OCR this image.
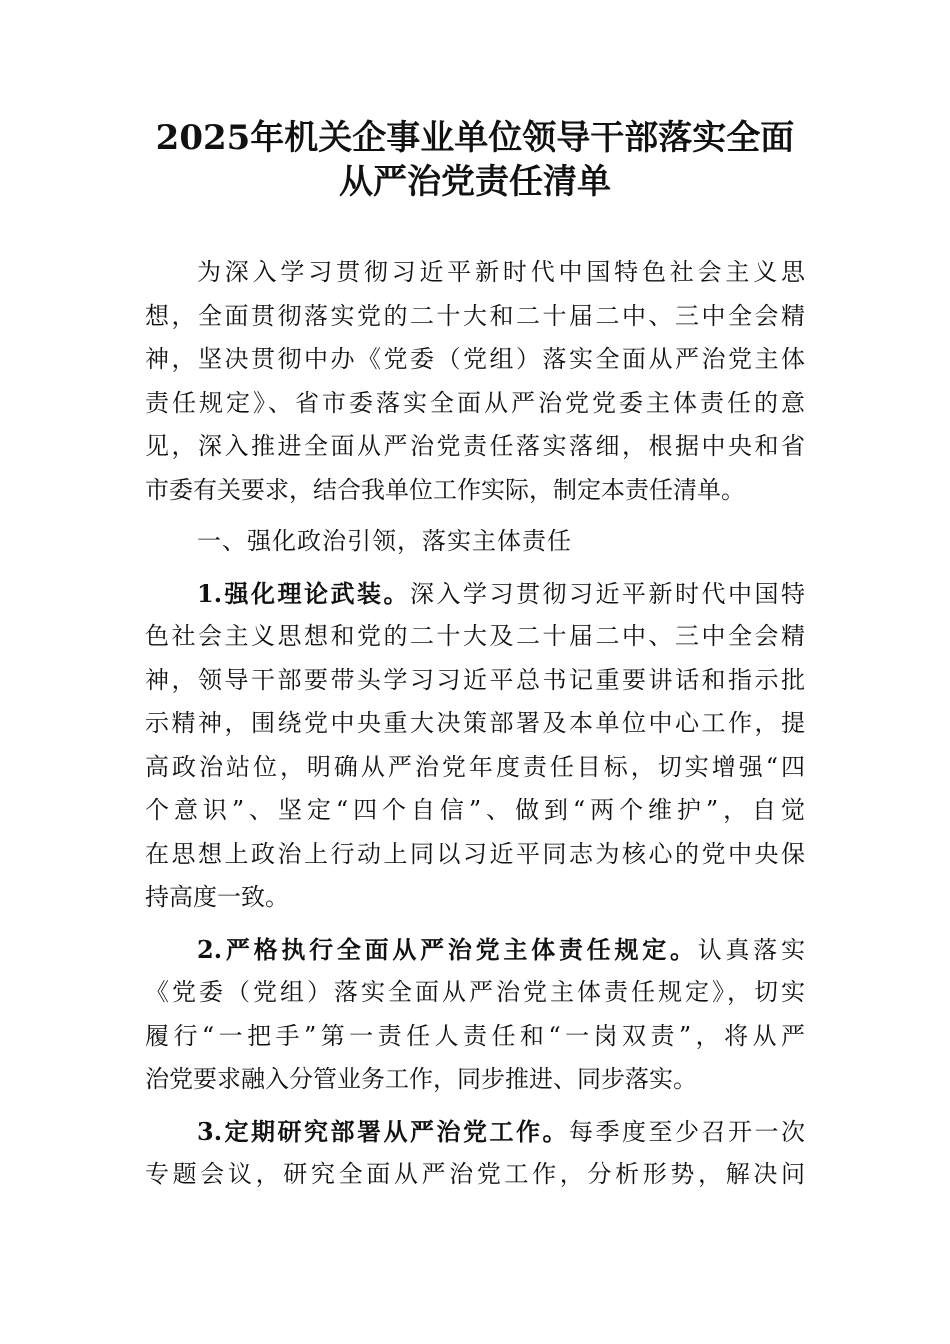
2025年机关企事业单位领导干部落实全面
从严治党责任清单
为深入学习贯彻习近平新时代中国特色社会主义思
想，全面贯彻落实党的二十大和二十届二中、三中全会精
神，坚决贯彻中办《党委（党组）落实全面从严治党主体
责任规定》、省市委落实全面从严治党党委主体责任的意
见，深入推进全面从严治党责任落实落细，根据中央和省
市委有关要求，结合我单位工作实际，制定本责任清单。
一、强化政治引领，落实主体责任
1.强化理论武装。深入学习贯彻习近平新时代中国特
色社会主义思想和党的二十大及二十届二中、三中全会精
神，领导干部要带头学习习近平总书记重要讲话和指示批
示精神，围绕党中央重大决策部署及本单位中心工作，提
高政治站位，明确从严治党年度责任目标，切实增强“四
个意识”、坚定“四个自信”、做到“两个维护”，自觉
在思想上政治上行动上同以习近平同志为核心的党中央保
持高度一致。
2.严格执行全面从严治党主体责任规定。认真落实
《党委（党组）落实全面从严治党主体责任规定》，切实
履行“一把手”第一责任人责任和“一岗双责”，将从严
治党要求融入分管业务工作，同步推进、同步落实。
3.定期研究部署从严治党工作。每季度至少召开一次
专题会议，研究全面从严治党工作，分析形势，解决问
